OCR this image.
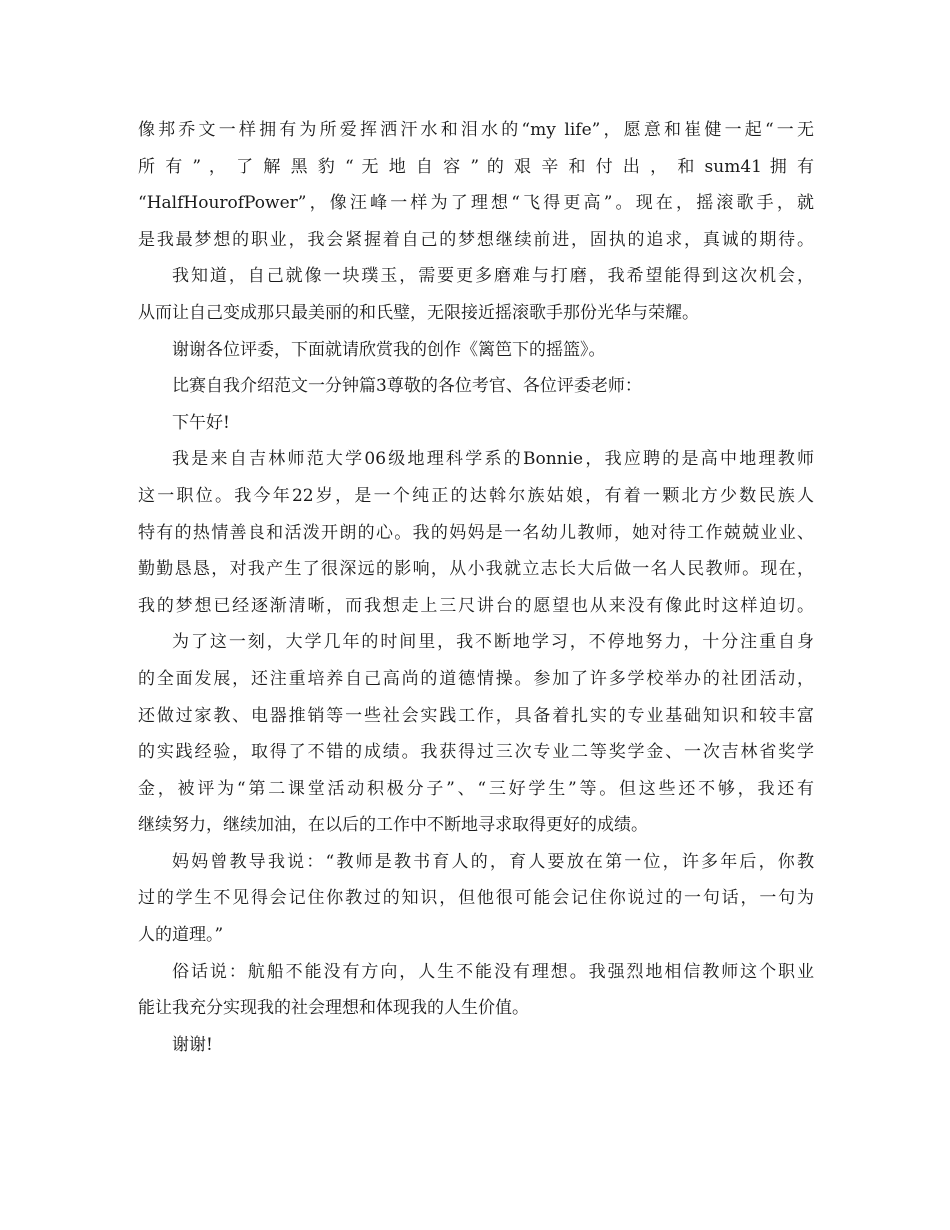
像邦乔文一样拥有为所爱挥洒汗水和泪水的“my life”，愿意和崔健一起“一无
所 有 ” ， 了 解 黑 豹 “ 无 地 自 容 ” 的 艰 辛 和 付 出 ， 和 sum41 拥 有
“HalfHourofPower”，像汪峰一样为了理想“飞得更高”。现在，摇滚歌手，就
是我最梦想的职业，我会紧握着自己的梦想继续前进，固执的追求，真诚的期待。
我知道，自己就像一块璞玉，需要更多磨难与打磨，我希望能得到这次机会，
从而让自己变成那只最美丽的和氏璧，无限接近摇滚歌手那份光华与荣耀。
谢谢各位评委，下面就请欣赏我的创作《篱笆下的摇篮》。
比赛自我介绍范文一分钟篇3尊敬的各位考官、各位评委老师：
下午好!
我是来自吉林师范大学06级地理科学系的Bonnie，我应聘的是高中地理教师
这一职位。我今年22岁，是一个纯正的达斡尔族姑娘，有着一颗北方少数民族人
特有的热情善良和活泼开朗的心。我的妈妈是一名幼儿教师，她对待工作兢兢业业、
勤勤恳恳，对我产生了很深远的影响，从小我就立志长大后做一名人民教师。现在，
我的梦想已经逐渐清晰，而我想走上三尺讲台的愿望也从来没有像此时这样迫切。
为了这一刻，大学几年的时间里，我不断地学习，不停地努力，十分注重自身
的全面发展，还注重培养自己高尚的道德情操。参加了许多学校举办的社团活动，
还做过家教、电器推销等一些社会实践工作，具备着扎实的专业基础知识和较丰富
的实践经验，取得了不错的成绩。我获得过三次专业二等奖学金、一次吉林省奖学
金，被评为“第二课堂活动积极分子”、“三好学生”等。但这些还不够，我还有
继续努力，继续加油，在以后的工作中不断地寻求取得更好的成绩。
妈妈曾教导我说：“教师是教书育人的，育人要放在第一位，许多年后，你教
过的学生不见得会记住你教过的知识，但他很可能会记住你说过的一句话，一句为
人的道理。”
俗话说：航船不能没有方向，人生不能没有理想。我强烈地相信教师这个职业
能让我充分实现我的社会理想和体现我的人生价值。
谢谢!
